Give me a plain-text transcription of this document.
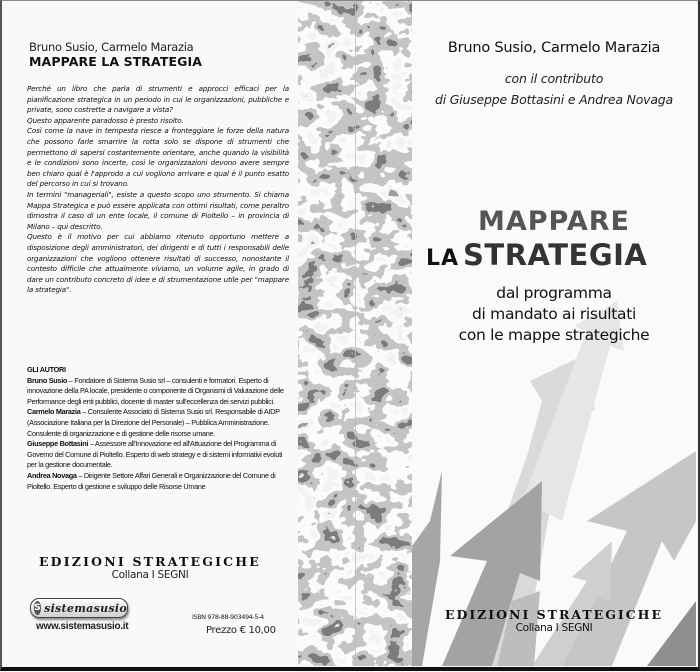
Bruno Susio, Carmelo Marazia
MAPPARE LA STRATEGIA

Perché un libro che parla di strumenti e approcci efficaci per la pianificazione strategica in un periodo in cui le organizzazioni, pubbliche e private, sono costrette a navigare a vista?

Questo apparente paradosso è presto risolto.

Così come la nave in tempesta riesce a fronteggiare le forze della natura che possono farle smarrire la rotta solo se dispone di strumenti che permettono di sapersi costantemente orientare, anche quando la visibilità e le condizioni sono incerte, così le organizzazioni devono avere sempre ben chiaro qual è l'approdo a cui vogliono arrivare e qual è il punto esatto del percorso in cui si trovano.

In termini "manageriali", esiste a questo scopo uno strumento. Si chiama Mappa Strategica e può essere applicata con ottimi risultati, come peraltro dimostra il caso di un ente locale, il comune di Pioltello – in provincia di Milano – qui descritto.

Questo è il motivo per cui abbiamo ritenuto opportuno mettere a disposizione degli amministratori, dei dirigenti e di tutti i responsabili delle organizzazioni che vogliono ottenere risultati di successo, nonostante il contesto difficile che attualmente viviamo, un volume agile, in grado di dare un contributo concreto di idee e di strumentazione utile per "mappare la strategia".

GLI AUTORI

Bruno Susio – Fondatore di Sistema Susio srl – consulenti e formatori. Esperto di innovazione della PA locale, presidente o componente di Organismi di Valutazione delle Performance degli enti pubblici, docente di master sull'eccellenza dei servizi pubblici.

Carmelo Marazia – Consulente Associato di Sistema Susio srl. Responsabile di AIDP (Associazione Italiana per la Direzione del Personale) – Pubblica Amministrazione. Consulente di organizzazione e di gestione delle risorse umane.

Giuseppe Bottasini – Assessore all'Innovazione ed all'Attuazione del Programma di Governo del Comune di Pioltello. Esperto di web strategy e di sistemi informativi evoluti per la gestione documentale.

Andrea Novaga – Dirigente Settore Affari Generali e Organizzazione del Comune di Pioltello. Esperto di gestione e sviluppo delle Risorse Umane

EDIZIONI STRATEGICHE
Collana I SEGNI
S sistemasusio
www.sistemasusio.it
ISBN 978-88-903494-5-4
Prezzo € 10,00
Bruno Susio, Carmelo Marazia
con il contributo
di Giuseppe Bottasini e Andrea Novaga
MAPPARE
LA STRATEGIA
dal programma
di mandato ai risultati
con le mappe strategiche
EDIZIONI STRATEGICHE
Collana I SEGNI
